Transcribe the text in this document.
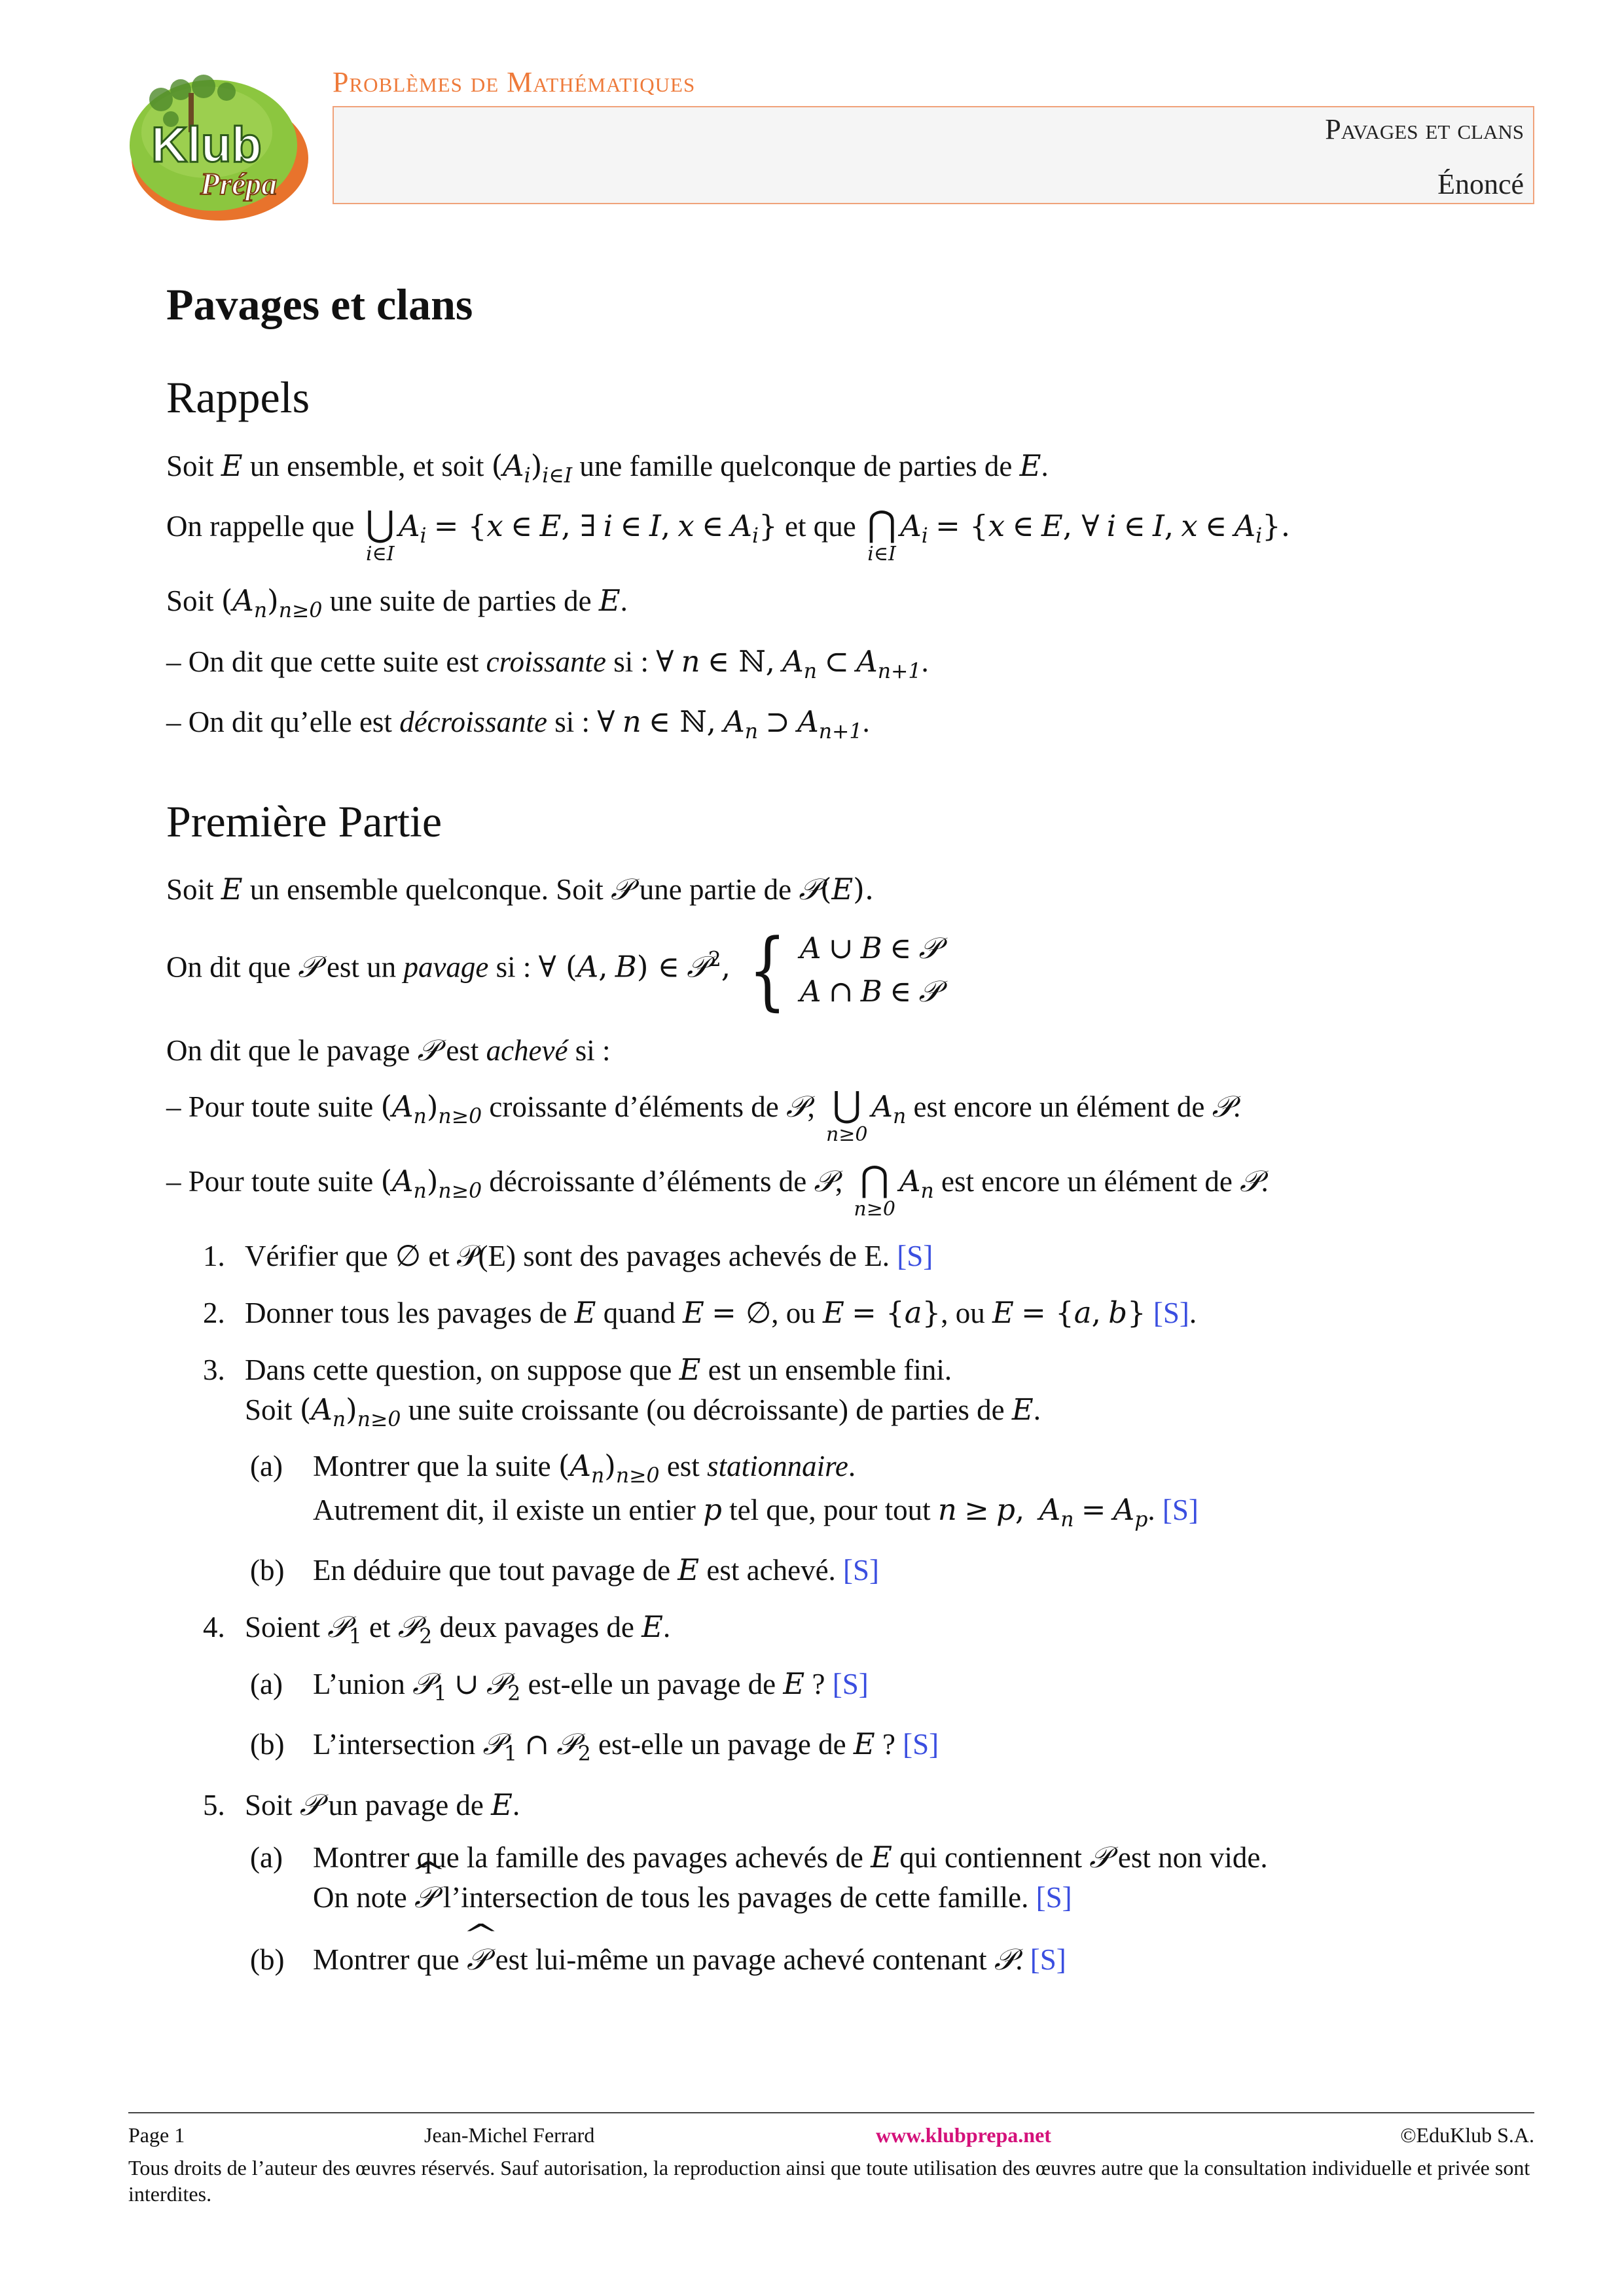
Klub
Prépa
Problèmes de Mathématiques
Pavages et clans
Énoncé
Pavages et clans
Rappels
Soit E un ensemble, et soit $(A_i)_{i\in I}$ une famille quelconque de parties de E.
On rappelle que ⋃
i∈I
$A_i = \{x$ ∈ E, ∃ i ∈ I, x ∈ $A_i$} et que ⋂
i∈I
$A_i = \{x$ ∈ E, ∀ i ∈ I, x ∈ $A_i$}.
Soit $(A_n)_{n\ge 0}$ une suite de parties de E.
– On dit que cette suite est croissante si : ∀ n ∈ ℕ, $A_n$ ⊂ $A_{n+1}$.
– On dit qu’elle est décroissante si : ∀ n ∈ ℕ, $A_n$ ⊃ $A_{n+1}$.
Première Partie
Soit E un ensemble quelconque. Soit 𝒫 une partie de 𝒫(E).
On dit que 𝒫 est un pavage si : ∀ (A, B) ∈ 𝒫$^2$, { A ∪ B ∈ 𝒫
A ∩ B ∈ 𝒫
On dit que le pavage 𝒫 est achevé si :
– Pour toute suite $(A_n)_{n\ge 0}$ croissante d’éléments de 𝒫, ⋃
n≥0
$A_n$ est encore un élément de 𝒫.
– Pour toute suite $(A_n)_{n\ge 0}$ décroissante d’éléments de 𝒫, ⋂
n≥0
$A_n$ est encore un élément de 𝒫.
1. Vérifier que ∅ et 𝒫(E) sont des pavages achevés de E. [S]
2. Donner tous les pavages de E quand E = ∅, ou E = {a}, ou E = {a, b} [S].
3. Dans cette question, on suppose que E est un ensemble fini.
Soit $(A_n)_{n\ge 0}$ une suite croissante (ou décroissante) de parties de E.
(a) Montrer que la suite $(A_n)_{n\ge 0}$ est stationnaire.
Autrement dit, il existe un entier p tel que, pour tout n ≥ p, $A_n = A_p$. [S]
(b) En déduire que tout pavage de E est achevé. [S]
4. Soient 𝒫$_1$ et 𝒫$_2$ deux pavages de E.
(a) L’union 𝒫$_1$ ∪ 𝒫$_2$ est-elle un pavage de E ? [S]
(b) L’intersection 𝒫$_1$ ∩ 𝒫$_2$ est-elle un pavage de E ? [S]
5. Soit 𝒫 un pavage de E.
(a) Montrer que la famille des pavages achevés de E qui contiennent 𝒫 est non vide.
On note ^ 𝒫 l’intersection de tous les pavages de cette famille. [S]
(b) Montrer que ^ 𝒫 est lui-même un pavage achevé contenant 𝒫. [S]
Page 1	Jean-Michel Ferrard	www.klubprepa.net	©EduKlub S.A.
Tous droits de l’auteur des œuvres réservés. Sauf autorisation, la reproduction ainsi que toute utilisation des œuvres autre que la consultation individuelle et privée sont interdites.
